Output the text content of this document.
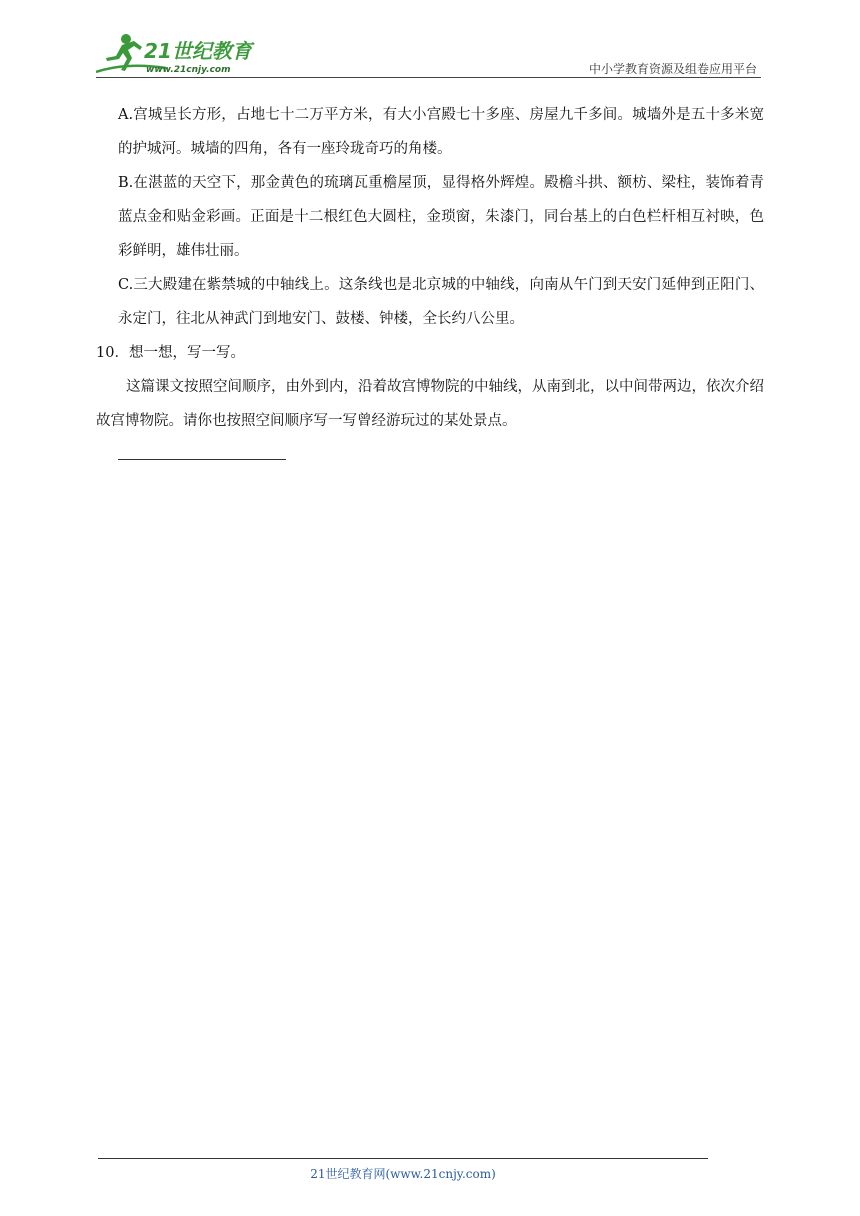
21世纪教育
www.21cnjy.com	中小学教育资源及组卷应用平台

A.宫城呈长方形，占地七十二万平方米，有大小宫殿七十多座、房屋九千多间。城墙外是五十多米宽的护城河。城墙的四角，各有一座玲珑奇巧的角楼。

B.在湛蓝的天空下，那金黄色的琉璃瓦重檐屋顶，显得格外辉煌。殿檐斗拱、额枋、梁柱，装饰着青蓝点金和贴金彩画。正面是十二根红色大圆柱，金琐窗，朱漆门，同台基上的白色栏杆相互衬映，色彩鲜明，雄伟壮丽。

C.三大殿建在紫禁城的中轴线上。这条线也是北京城的中轴线，向南从午门到天安门延伸到正阳门、永定门，往北从神武门到地安门、鼓楼、钟楼，全长约八公里。

10．想一想，写一写。

这篇课文按照空间顺序，由外到内，沿着故宫博物院的中轴线，从南到北，以中间带两边，依次介绍故宫博物院。请你也按照空间顺序写一写曾经游玩过的某处景点。

21世纪教育网(www.21cnjy.com)
